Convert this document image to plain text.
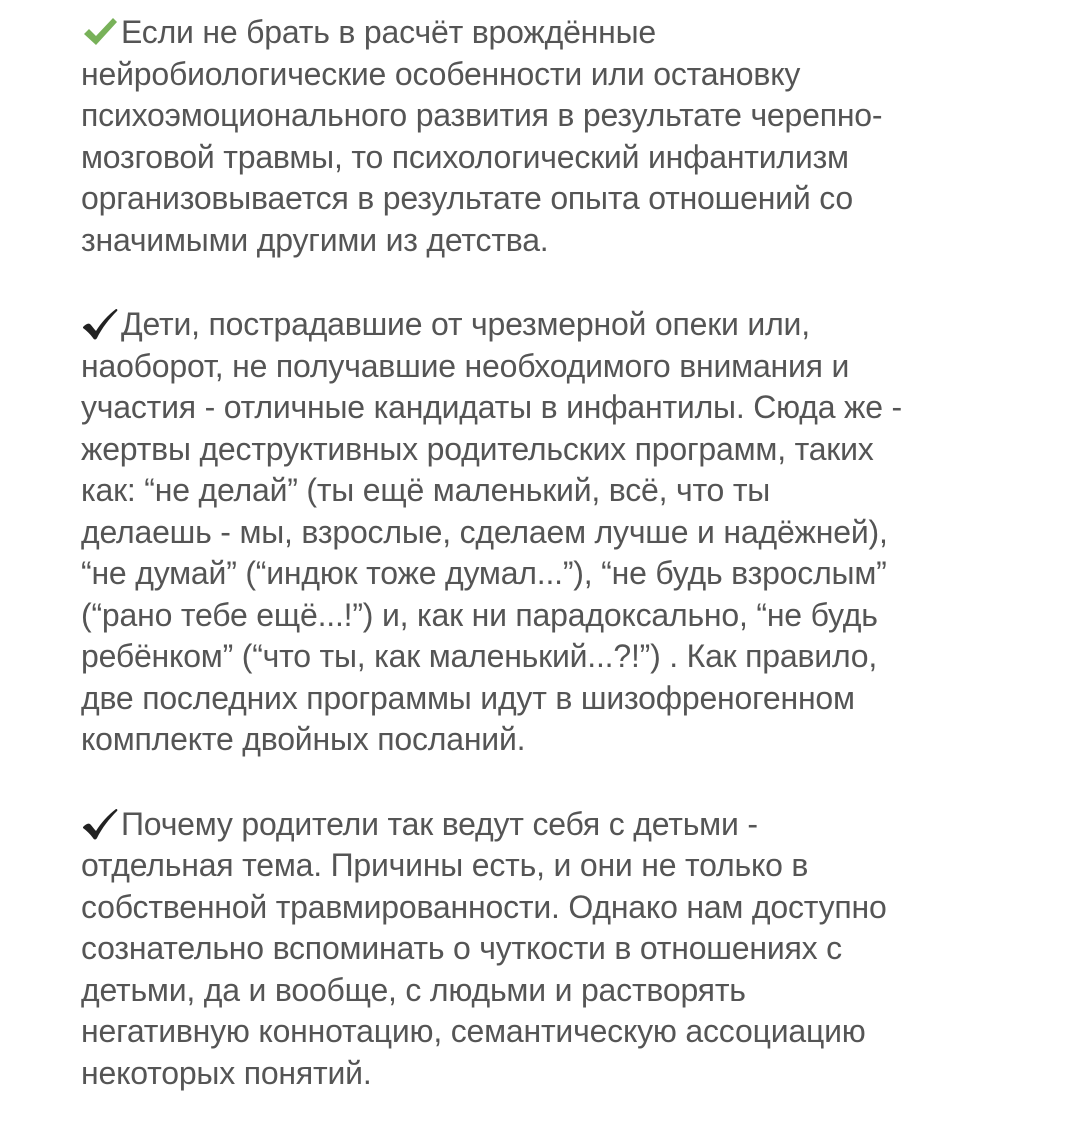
Если не брать в расчёт врождённые
нейробиологические особенности или остановку
психоэмоционального развития в результате черепно-
мозговой травмы, то психологический инфантилизм
организовывается в результате опыта отношений со
значимыми другими из детства.

Дети, пострадавшие от чрезмерной опеки или,
наоборот, не получавшие необходимого внимания и
участия - отличные кандидаты в инфантилы. Сюда же -
жертвы деструктивных родительских программ, таких
как: “не делай” (ты ещё маленький, всё, что ты
делаешь - мы, взрослые, сделаем лучше и надёжней),
“не думай” (“индюк тоже думал...”), “не будь взрослым”
(“рано тебе ещё...!”) и, как ни парадоксально, “не будь
ребёнком” (“что ты, как маленький...?!”) . Как правило,
две последних программы идут в шизофреногенном
комплекте двойных посланий.

Почему родители так ведут себя с детьми -
отдельная тема. Причины есть, и они не только в
собственной травмированности. Однако нам доступно
сознательно вспоминать о чуткости в отношениях с
детьми, да и вообще, с людьми и растворять
негативную коннотацию, семантическую ассоциацию
некоторых понятий.
